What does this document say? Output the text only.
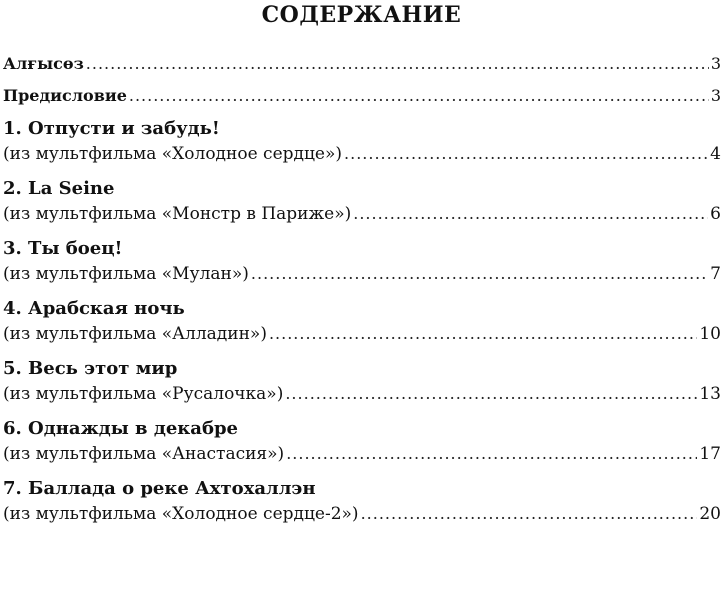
СОДЕРЖАНИЕ
Алғысөз .....	3
Предисловие .....	3
1. Отпусти и забудь!
(из мультфильма «Холодное сердце») .....	4
2. La Seine
(из мультфильма «Монстр в Париже») .....	6
3. Ты боец!
(из мультфильма «Мулан») .....	7
4. Арабская ночь
(из мультфильма «Алладин») .....	10
5. Весь этот мир
(из мультфильма «Русалочка») .....	13
6. Однажды в декабре
(из мультфильма «Анастасия») .....	17
7. Баллада о реке Ахтохаллэн
(из мультфильма «Холодное сердце-2») .....	20
